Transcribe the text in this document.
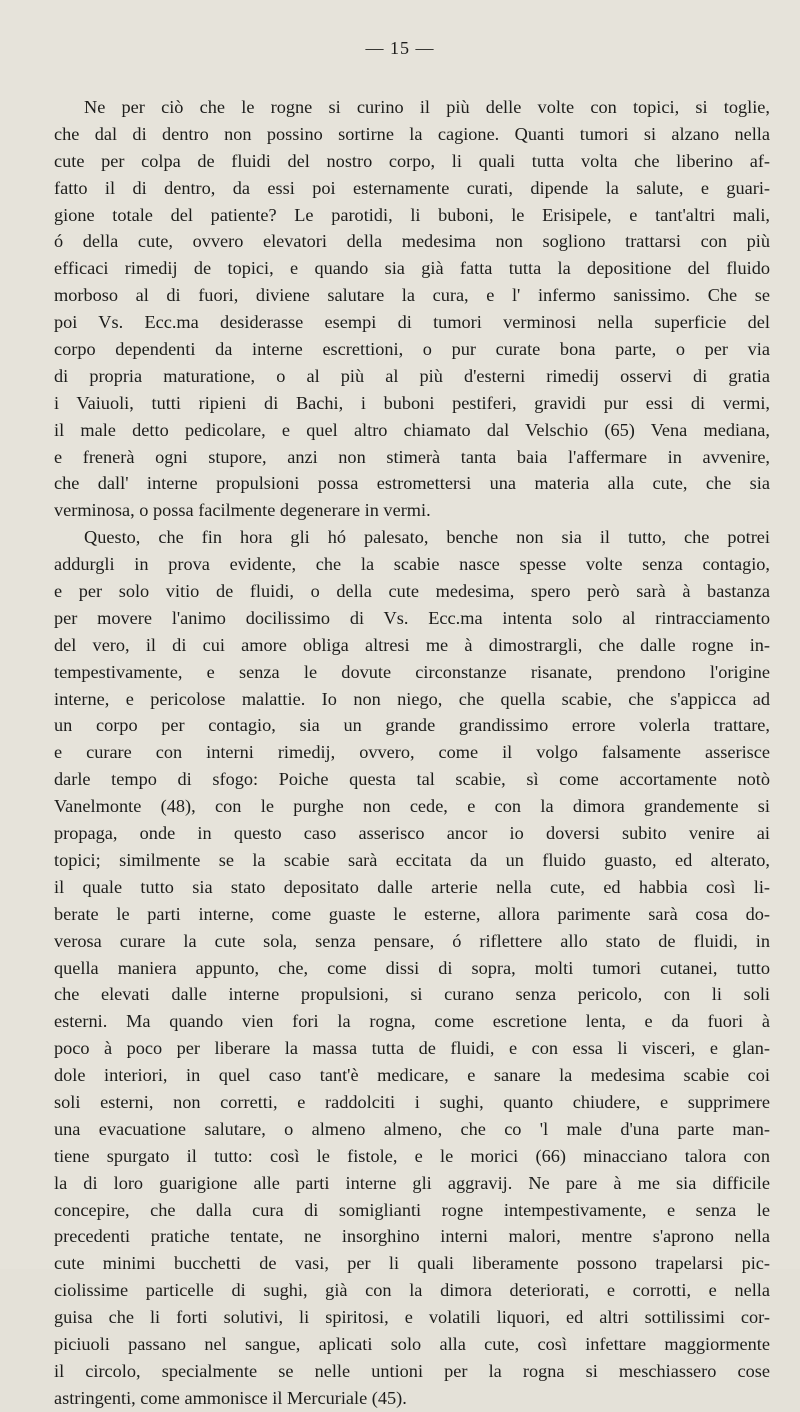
— 15 —
Ne per ciò che le rogne si curino il più delle volte con topici, si toglie,
che dal di dentro non possino sortirne la cagione. Quanti tumori si alzano nella
cute per colpa de fluidi del nostro corpo, li quali tutta volta che liberino af-
fatto il di dentro, da essi poi esternamente curati, dipende la salute, e guari-
gione totale del patiente? Le parotidi, li buboni, le Erisipele, e tant'altri mali,
ó della cute, ovvero elevatori della medesima non sogliono trattarsi con più
efficaci rimedij de topici, e quando sia già fatta tutta la depositione del fluido
morboso al di fuori, diviene salutare la cura, e l' infermo sanissimo. Che se
poi Vs. Ecc.ma desiderasse esempi di tumori verminosi nella superficie del
corpo dependenti da interne escrettioni, o pur curate bona parte, o per via
di propria maturatione, o al più al più d'esterni rimedij osservi di gratia
i Vaiuoli, tutti ripieni di Bachi, i buboni pestiferi, gravidi pur essi di vermi,
il male detto pedicolare, e quel altro chiamato dal Velschio (65) Vena mediana,
e frenerà ogni stupore, anzi non stimerà tanta baia l'affermare in avvenire,
che dall' interne propulsioni possa estromettersi una materia alla cute, che sia
verminosa, o possa facilmente degenerare in vermi.
Questo, che fin hora gli hó palesato, benche non sia il tutto, che potrei
addurgli in prova evidente, che la scabie nasce spesse volte senza contagio,
e per solo vitio de fluidi, o della cute medesima, spero però sarà à bastanza
per movere l'animo docilissimo di Vs. Ecc.ma intenta solo al rintracciamento
del vero, il di cui amore obliga altresi me à dimostrargli, che dalle rogne in-
tempestivamente, e senza le dovute circonstanze risanate, prendono l'origine
interne, e pericolose malattie. Io non niego, che quella scabie, che s'appicca ad
un corpo per contagio, sia un grande grandissimo errore volerla trattare,
e curare con interni rimedij, ovvero, come il volgo falsamente asserisce
darle tempo di sfogo: Poiche questa tal scabie, sì come accortamente notò
Vanelmonte (48), con le purghe non cede, e con la dimora grandemente si
propaga, onde in questo caso asserisco ancor io doversi subito venire ai
topici; similmente se la scabie sarà eccitata da un fluido guasto, ed alterato,
il quale tutto sia stato depositato dalle arterie nella cute, ed habbia così li-
berate le parti interne, come guaste le esterne, allora parimente sarà cosa do-
verosa curare la cute sola, senza pensare, ó riflettere allo stato de fluidi, in
quella maniera appunto, che, come dissi di sopra, molti tumori cutanei, tutto
che elevati dalle interne propulsioni, si curano senza pericolo, con li soli
esterni. Ma quando vien fori la rogna, come escretione lenta, e da fuori à
poco à poco per liberare la massa tutta de fluidi, e con essa li visceri, e glan-
dole interiori, in quel caso tant'è medicare, e sanare la medesima scabie coi
soli esterni, non corretti, e raddolciti i sughi, quanto chiudere, e supprimere
una evacuatione salutare, o almeno almeno, che co 'l male d'una parte man-
tiene spurgato il tutto: così le fistole, e le morici (66) minacciano talora con
la di loro guarigione alle parti interne gli aggravij. Ne pare à me sia difficile
concepire, che dalla cura di somiglianti rogne intempestivamente, e senza le
precedenti pratiche tentate, ne insorghino interni malori, mentre s'aprono nella
cute minimi bucchetti de vasi, per li quali liberamente possono trapelarsi pic-
ciolissime particelle di sughi, già con la dimora deteriorati, e corrotti, e nella
guisa che li forti solutivi, li spiritosi, e volatili liquori, ed altri sottilissimi cor-
piciuoli passano nel sangue, aplicati solo alla cute, così infettare maggiormente
il circolo, specialmente se nelle untioni per la rogna si meschiassero cose
astringenti, come ammonisce il Mercuriale (45).
